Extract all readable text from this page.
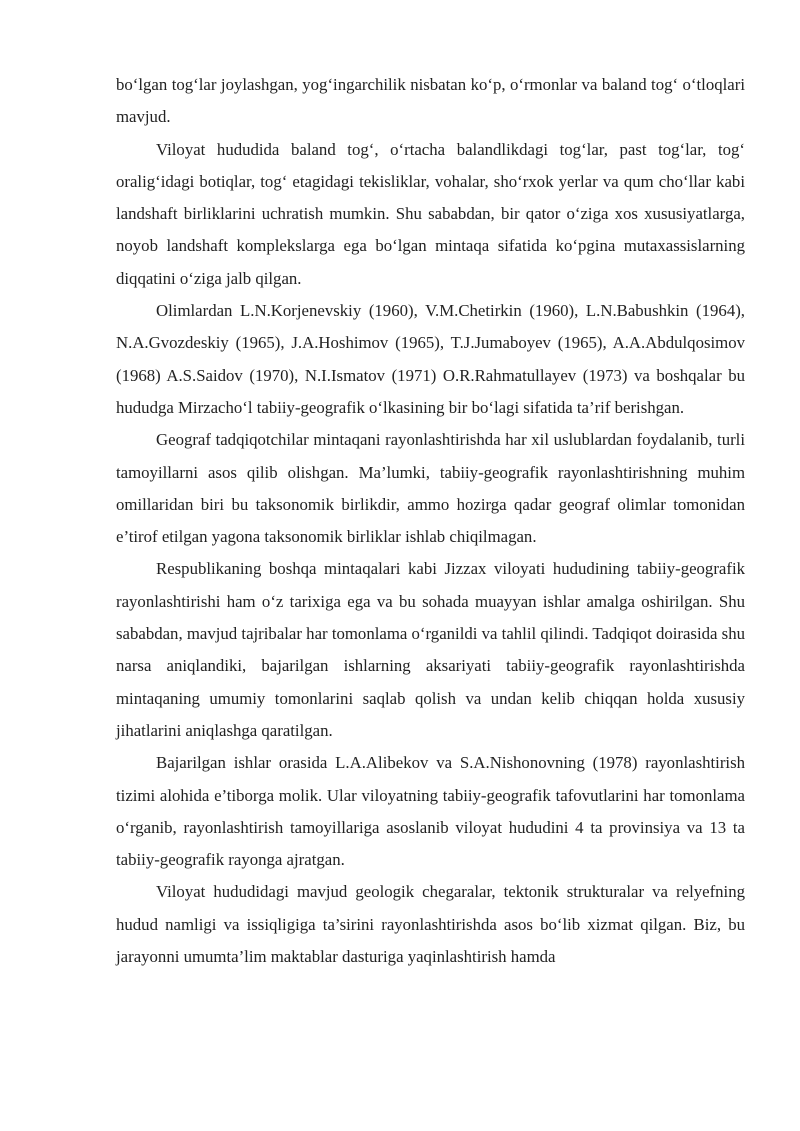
bo‘lgan tog‘lar joylashgan, yog‘ingarchilik nisbatan ko‘p, o‘rmonlar va baland tog‘ o‘tloqlari mavjud.

Viloyat hududida baland tog‘, o‘rtacha balandlikdagi tog‘lar, past tog‘lar, tog‘ oralig‘idagi botiqlar, tog‘ etagidagi tekisliklar, vohalar, sho‘rxok yerlar va qum cho‘llar kabi landshaft birliklarini uchratish mumkin. Shu sababdan, bir qator o‘ziga xos xususiyatlarga, noyob landshaft komplekslarga ega bo‘lgan mintaqa sifatida ko‘pgina mutaxassislarning diqqatini o‘ziga jalb qilgan.

Olimlardan L.N.Korjenevskiy (1960), V.M.Chetirkin (1960), L.N.Babushkin (1964), N.A.Gvozdeskiy (1965), J.A.Hoshimov (1965), T.J.Jumaboyev (1965), A.A.Abdulqosimov (1968) A.S.Saidov (1970), N.I.Ismatov (1971) O.R.Rahmatullayev (1973) va boshqalar bu hududga Mirzacho‘l tabiiy-geografik o‘lkasining bir bo‘lagi sifatida ta’rif berishgan.

Geograf tadqiqotchilar mintaqani rayonlashtirishda har xil uslublardan foydalanib, turli tamoyillarni asos qilib olishgan. Ma’lumki, tabiiy-geografik rayonlashtirishning muhim omillaridan biri bu taksonomik birlikdir, ammo hozirga qadar geograf olimlar tomonidan e’tirof etilgan yagona taksonomik birliklar ishlab chiqilmagan.

Respublikaning boshqa mintaqalari kabi Jizzax viloyati hududining tabiiy-geografik rayonlashtirishi ham o‘z tarixiga ega va bu sohada muayyan ishlar amalga oshirilgan. Shu sababdan, mavjud tajribalar har tomonlama o‘rganildi va tahlil qilindi. Tadqiqot doirasida shu narsa aniqlandiki, bajarilgan ishlarning aksariyati tabiiy-geografik rayonlashtirishda mintaqaning umumiy tomonlarini saqlab qolish va undan kelib chiqqan holda xususiy jihatlarini aniqlashga qaratilgan.

Bajarilgan ishlar orasida L.A.Alibekov va S.A.Nishonovning (1978) rayonlashtirish tizimi alohida e’tiborga molik. Ular viloyatning tabiiy-geografik tafovutlarini har tomonlama o‘rganib, rayonlashtirish tamoyillariga asoslanib viloyat hududini 4 ta provinsiya va 13 ta tabiiy-geografik rayonga ajratgan.

Viloyat hududidagi mavjud geologik chegaralar, tektonik strukturalar va relyefning hudud namligi va issiqligiga ta’sirini rayonlashtirishda asos bo‘lib xizmat qilgan. Biz, bu jarayonni umumta’lim maktablar dasturiga yaqinlashtirish hamda
